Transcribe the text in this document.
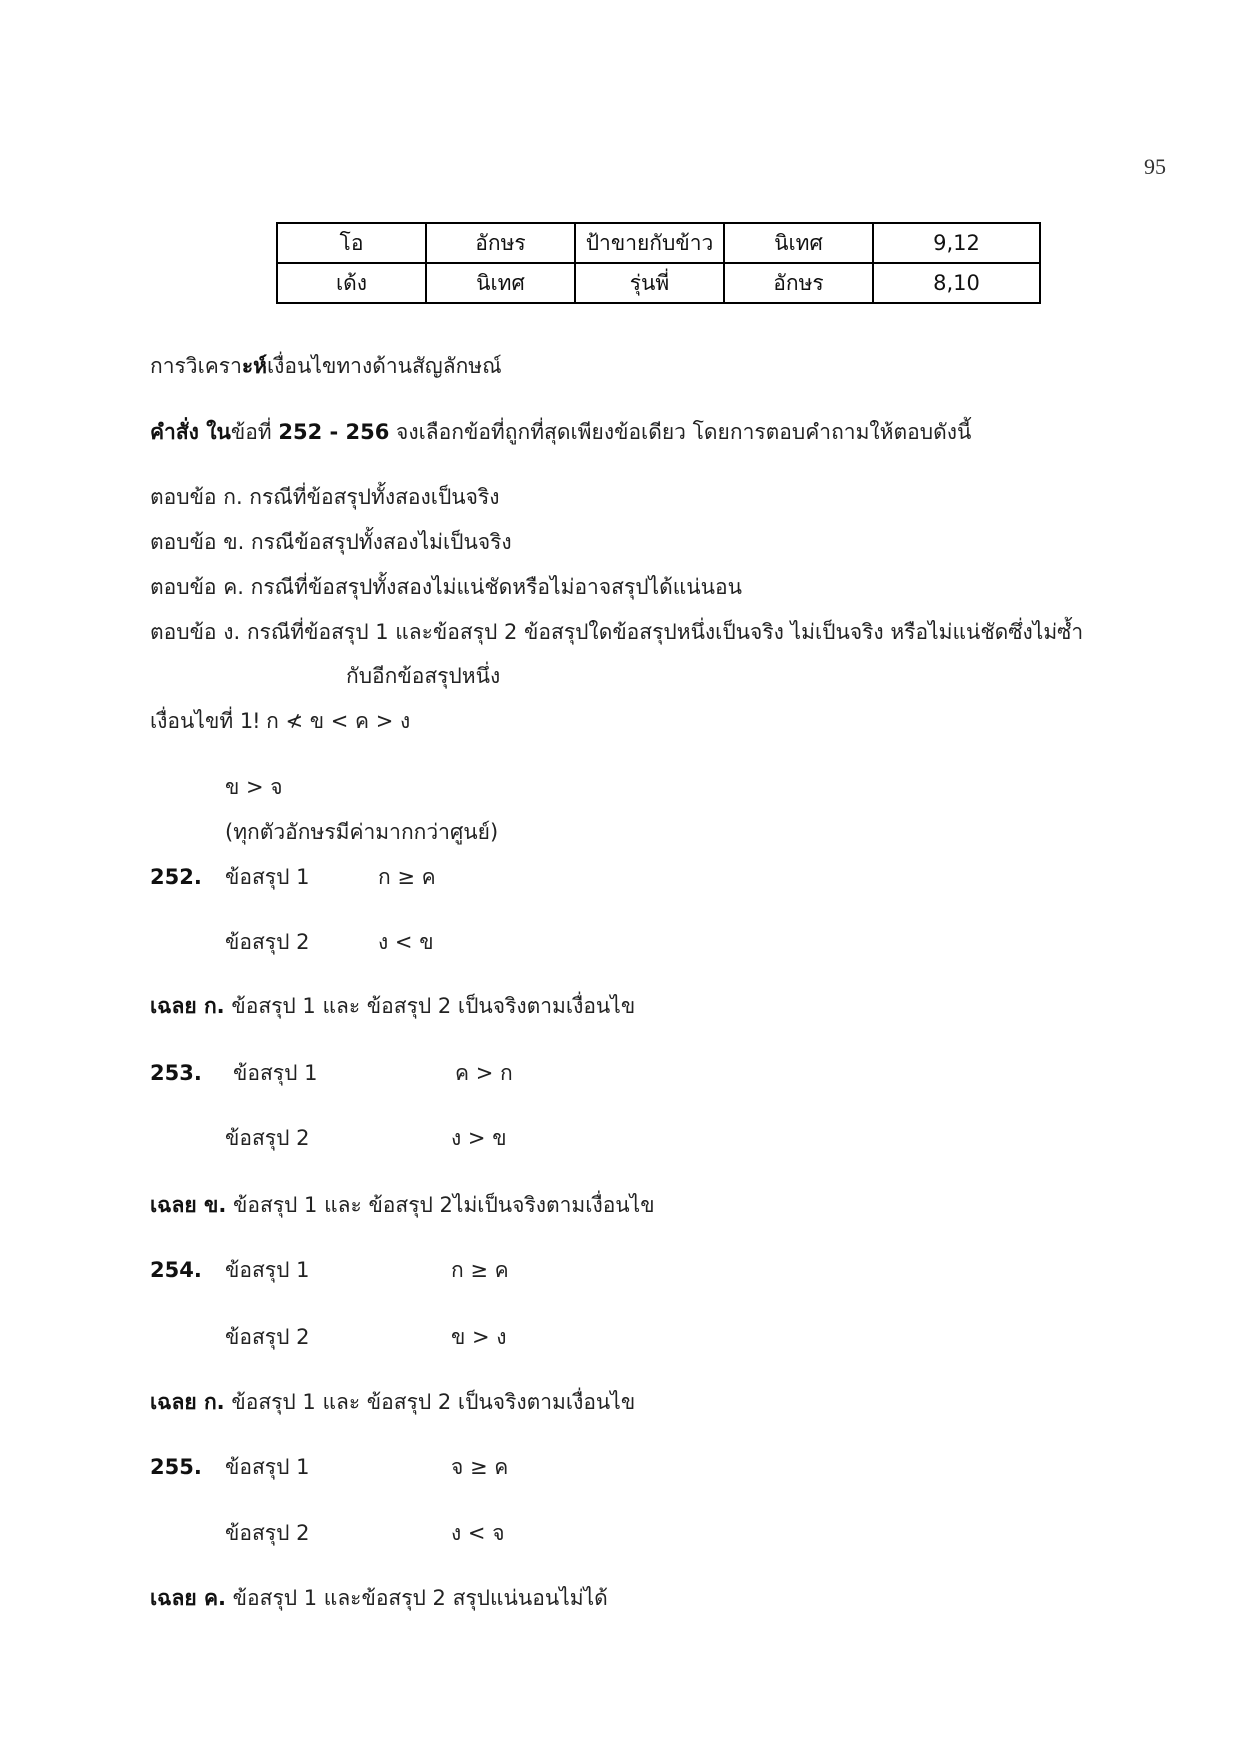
95
โอ	อักษร	ป้าขายกับข้าว	นิเทศ	9,12
เด้ง	นิเทศ	รุ่นพี่	อักษร	8,10
การวิเคราะห์เงื่อนไขทางด้านสัญลักษณ์
คำสั่ง ในข้อที่ 252 - 256 จงเลือกข้อที่ถูกที่สุดเพียงข้อเดียว โดยการตอบคำถามให้ตอบดังนี้
ตอบข้อ ก. กรณีที่ข้อสรุปทั้งสองเป็นจริง
ตอบข้อ ข. กรณีข้อสรุปทั้งสองไม่เป็นจริง
ตอบข้อ ค. กรณีที่ข้อสรุปทั้งสองไม่แน่ชัดหรือไม่อาจสรุปได้แน่นอน
ตอบข้อ ง. กรณีที่ข้อสรุป 1 และข้อสรุป 2 ข้อสรุปใดข้อสรุปหนึ่งเป็นจริง ไม่เป็นจริง หรือไม่แน่ชัดซึ่งไม่ซ้ำ
กับอีกข้อสรุปหนึ่ง
เงื่อนไขที่ 1ǃ ก ≮ ข < ค > ง
ข > จ
(ทุกตัวอักษรมีค่ามากกว่าศูนย์)
252. ข้อสรุป 1	ก ≥ ค
ข้อสรุป 2	ง < ข
เฉลย ก. ข้อสรุป 1 และ ข้อสรุป 2 เป็นจริงตามเงื่อนไข
253. ข้อสรุป 1	ค > ก
ข้อสรุป 2	ง > ข
เฉลย ข. ข้อสรุป 1 และ ข้อสรุป 2ไม่เป็นจริงตามเงื่อนไข
254. ข้อสรุป 1	ก ≥ ค
ข้อสรุป 2	ข > ง
เฉลย ก. ข้อสรุป 1 และ ข้อสรุป 2 เป็นจริงตามเงื่อนไข
255. ข้อสรุป 1	จ ≥ ค
ข้อสรุป 2	ง < จ
เฉลย ค. ข้อสรุป 1 และข้อสรุป 2 สรุปแน่นอนไม่ได้
